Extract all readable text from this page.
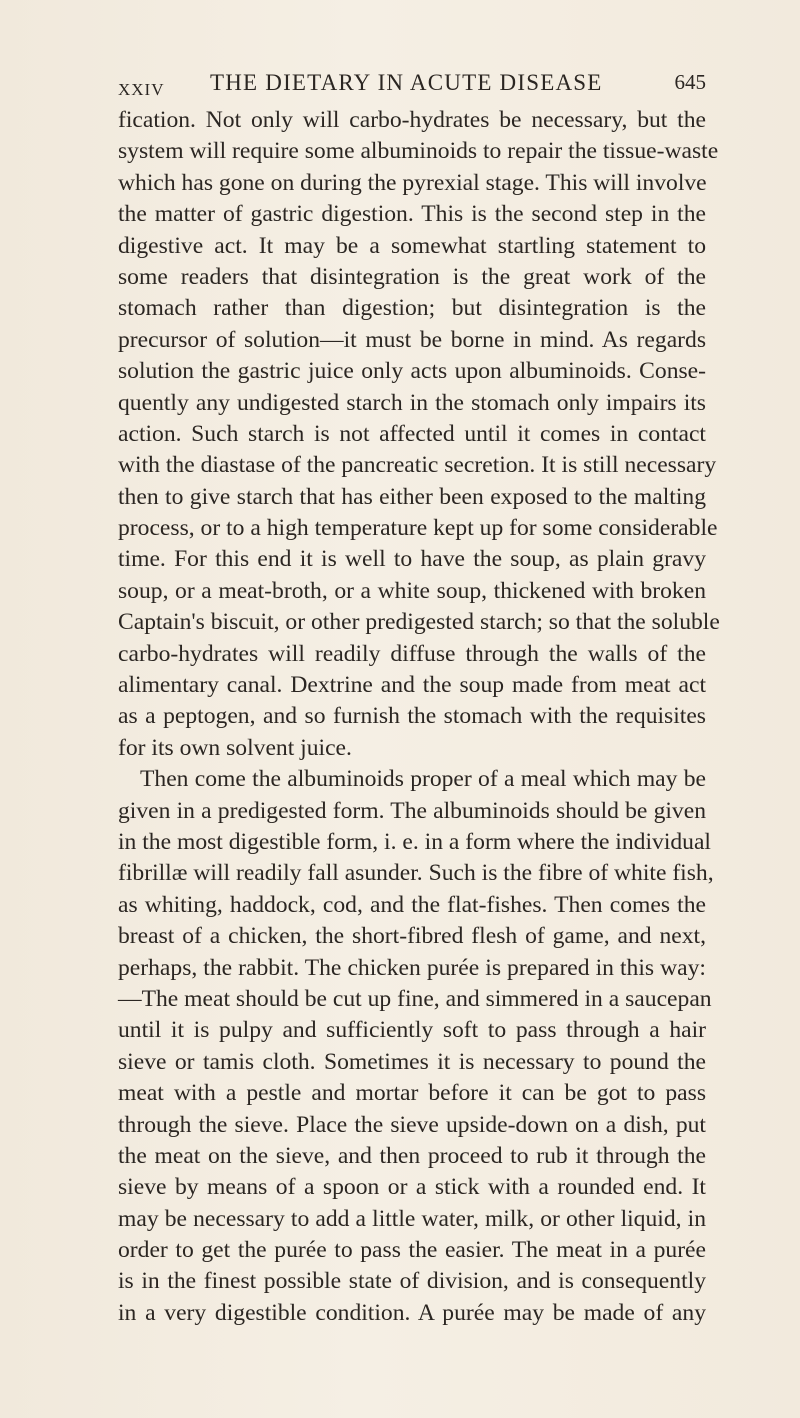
XXIV THE DIETARY IN ACUTE DISEASE	645
fication. Not only will carbo-hydrates be necessary, but the
system will require some albuminoids to repair the tissue-waste
which has gone on during the pyrexial stage. This will involve
the matter of gastric digestion. This is the second step in the
digestive act. It may be a somewhat startling statement to
some readers that disintegration is the great work of the
stomach rather than digestion; but disintegration is the
precursor of solution—it must be borne in mind. As regards
solution the gastric juice only acts upon albuminoids. Conse-
quently any undigested starch in the stomach only impairs its
action. Such starch is not affected until it comes in contact
with the diastase of the pancreatic secretion. It is still necessary
then to give starch that has either been exposed to the malting
process, or to a high temperature kept up for some considerable
time. For this end it is well to have the soup, as plain gravy
soup, or a meat-broth, or a white soup, thickened with broken
Captain's biscuit, or other predigested starch; so that the soluble
carbo-hydrates will readily diffuse through the walls of the
alimentary canal. Dextrine and the soup made from meat act
as a peptogen, and so furnish the stomach with the requisites
for its own solvent juice.
Then come the albuminoids proper of a meal which may be
given in a predigested form. The albuminoids should be given
in the most digestible form, i. e. in a form where the individual
fibrillæ will readily fall asunder. Such is the fibre of white fish,
as whiting, haddock, cod, and the flat-fishes. Then comes the
breast of a chicken, the short-fibred flesh of game, and next,
perhaps, the rabbit. The chicken purée is prepared in this way:
—The meat should be cut up fine, and simmered in a saucepan
until it is pulpy and sufficiently soft to pass through a hair
sieve or tamis cloth. Sometimes it is necessary to pound the
meat with a pestle and mortar before it can be got to pass
through the sieve. Place the sieve upside-down on a dish, put
the meat on the sieve, and then proceed to rub it through the
sieve by means of a spoon or a stick with a rounded end. It
may be necessary to add a little water, milk, or other liquid, in
order to get the purée to pass the easier. The meat in a purée
is in the finest possible state of division, and is consequently
in a very digestible condition. A purée may be made of any
